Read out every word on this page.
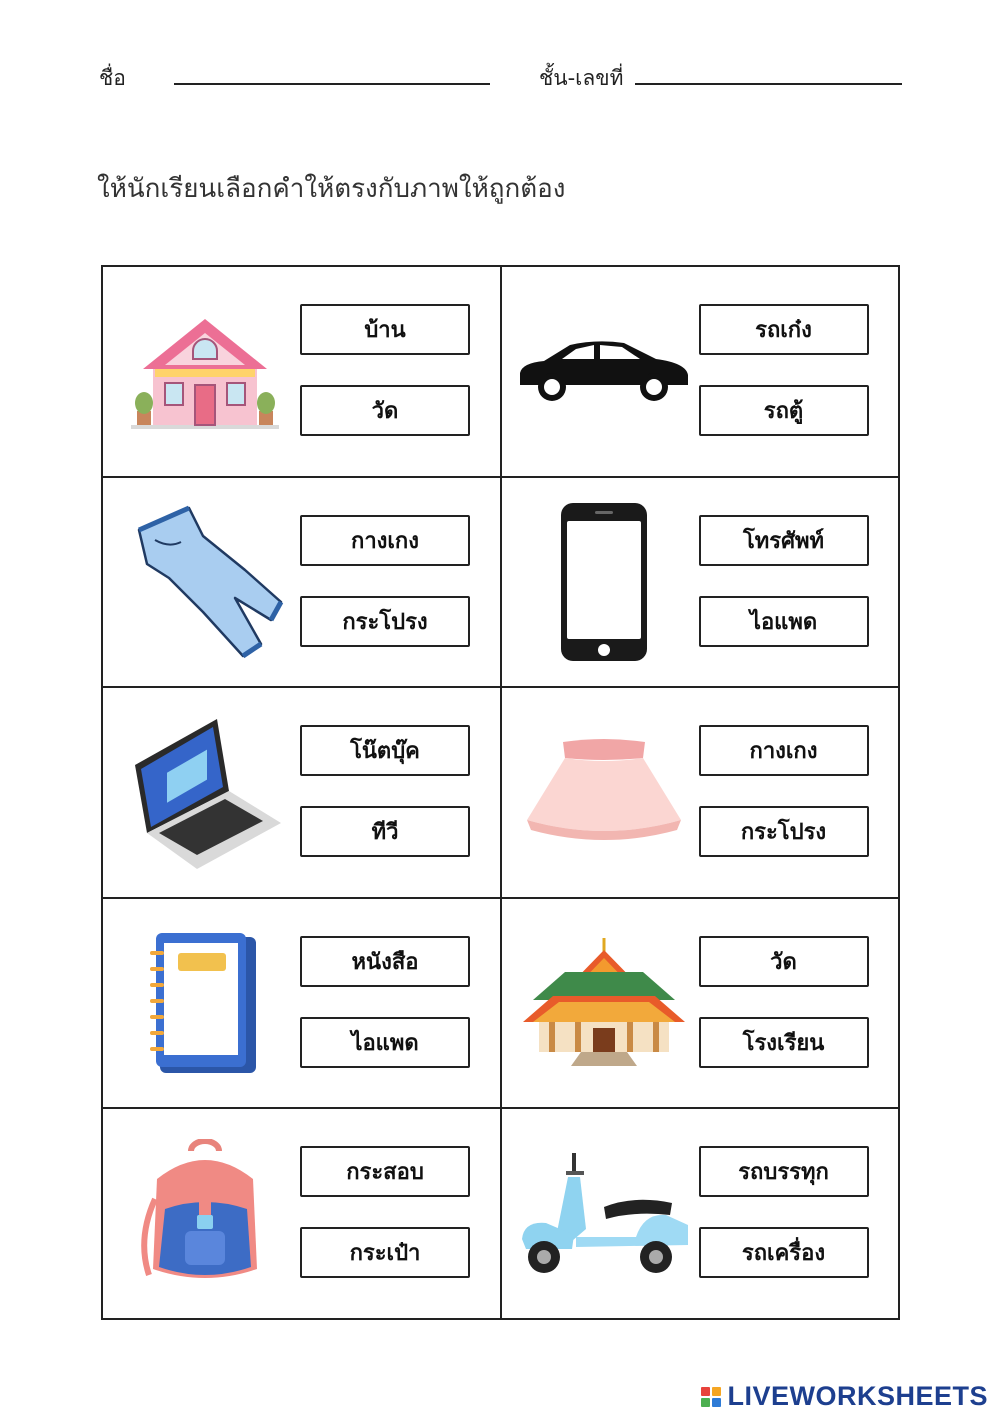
ชื่อ	ชั้น-เลขที่
ให้นักเรียนเลือกคำให้ตรงกับภาพให้ถูกต้อง
บ้าน
วัด
รถเก๋ง
รถตู้
กางเกง
กระโปรง
โทรศัพท์
ไอแพด
โน๊ตบุ๊ค
ทีวี
กางเกง
กระโปรง
หนังสือ
ไอแพด
วัด
โรงเรียน
กระสอบ
กระเป๋า
รถบรรทุก
รถเครื่อง
LIVEWORKSHEETS
